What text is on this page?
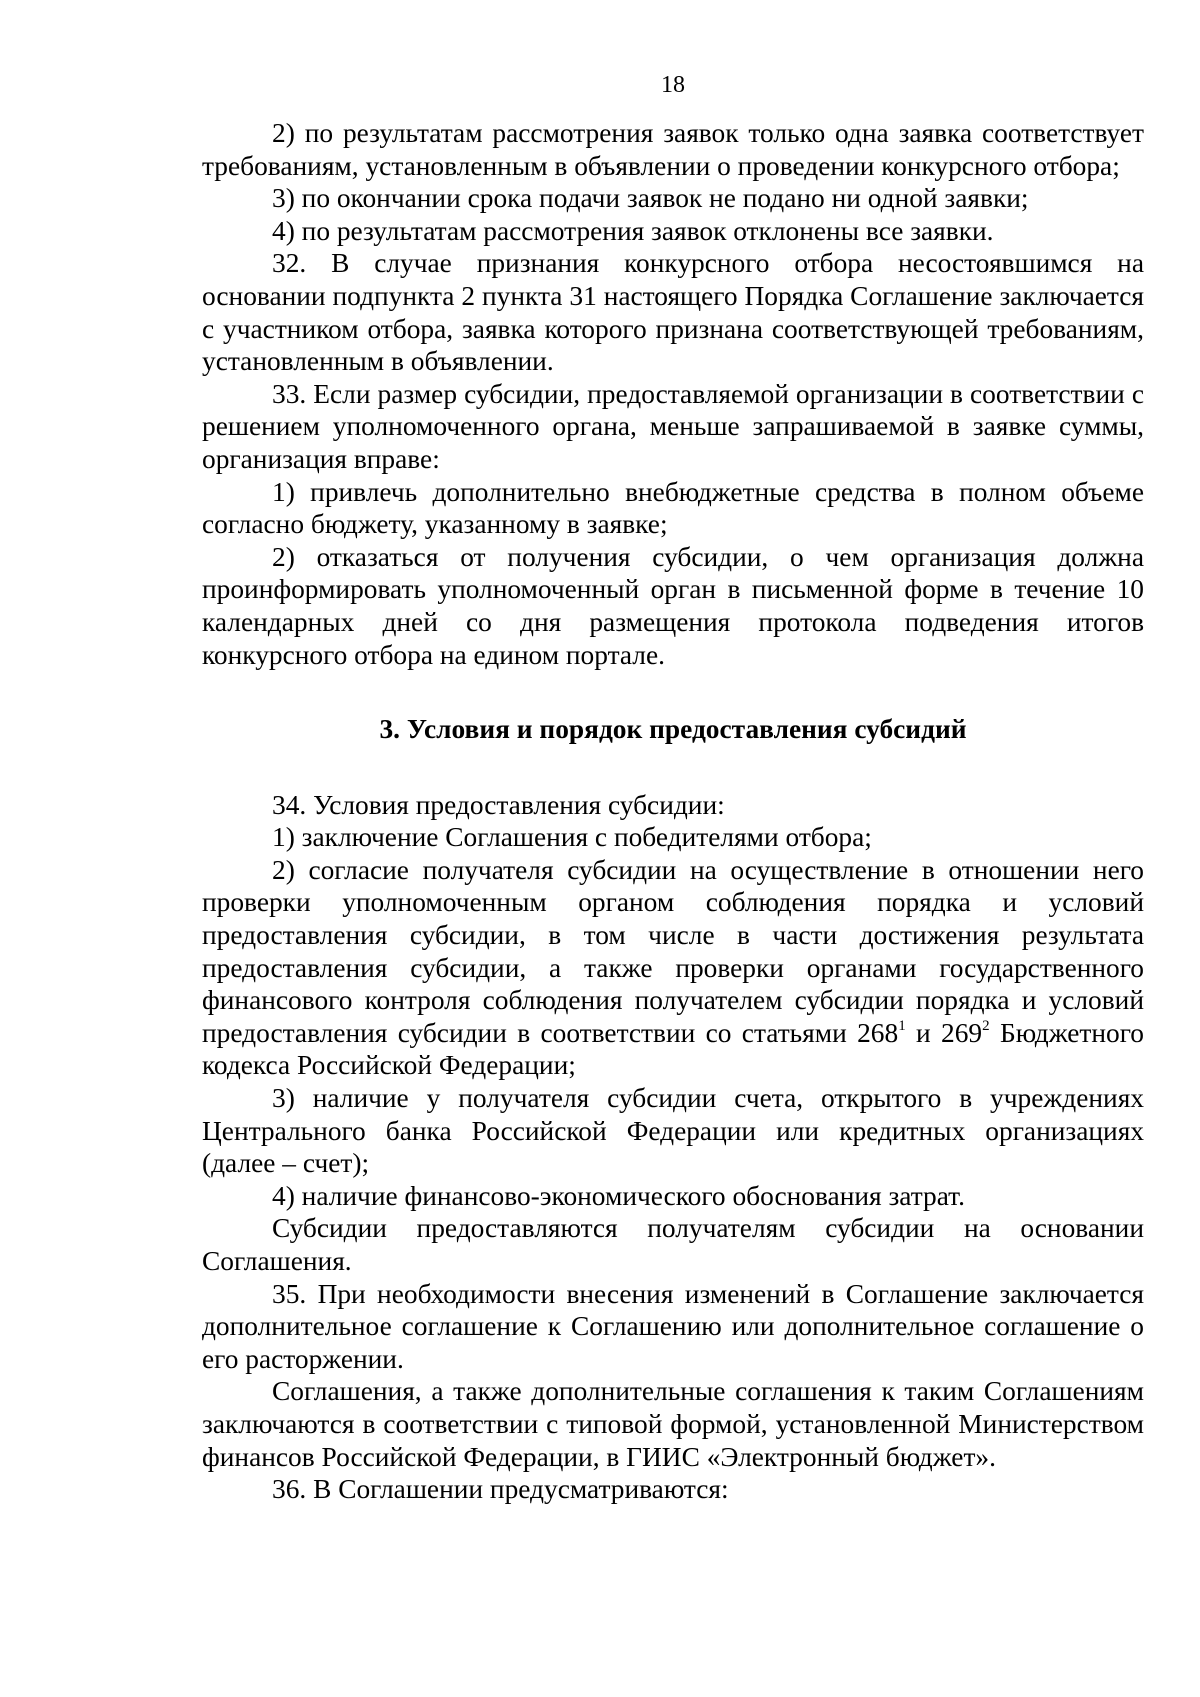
18

2) по результатам рассмотрения заявок только одна заявка соответствует требованиям, установленным в объявлении о проведении конкурсного отбора;

3) по окончании срока подачи заявок не подано ни одной заявки;

4) по результатам рассмотрения заявок отклонены все заявки.

32. В случае признания конкурсного отбора несостоявшимся на основании подпункта 2 пункта 31 настоящего Порядка Соглашение заключается с участником отбора, заявка которого признана соответствующей требованиям, установленным в объявлении.

33. Если размер субсидии, предоставляемой организации в соответствии с решением уполномоченного органа, меньше запрашиваемой в заявке суммы, организация вправе:

1) привлечь дополнительно внебюджетные средства в полном объеме согласно бюджету, указанному в заявке;

2) отказаться от получения субсидии, о чем организация должна проинформировать уполномоченный орган в письменной форме в течение 10 календарных дней со дня размещения протокола подведения итогов конкурсного отбора на едином портале.

3. Условия и порядок предоставления субсидий

34. Условия предоставления субсидии:

1) заключение Соглашения с победителями отбора;

2) согласие получателя субсидии на осуществление в отношении него проверки уполномоченным органом соблюдения порядка и условий предоставления субсидии, в том числе в части достижения результата предоставления субсидии, а также проверки органами государственного финансового контроля соблюдения получателем субсидии порядка и условий предоставления субсидии в соответствии со статьями $268^1$ и $269^2$ Бюджетного кодекса Российской Федерации;

3) наличие у получателя субсидии счета, открытого в учреждениях Центрального банка Российской Федерации или кредитных организациях (далее – счет);

4) наличие финансово-экономического обоснования затрат.

Субсидии предоставляются получателям субсидии на основании Соглашения.

35. При необходимости внесения изменений в Соглашение заключается дополнительное соглашение к Соглашению или дополнительное соглашение о его расторжении.

Соглашения, а также дополнительные соглашения к таким Соглашениям заключаются в соответствии с типовой формой, установленной Министерством финансов Российской Федерации, в ГИИС «Электронный бюджет».

36. В Соглашении предусматриваются:
